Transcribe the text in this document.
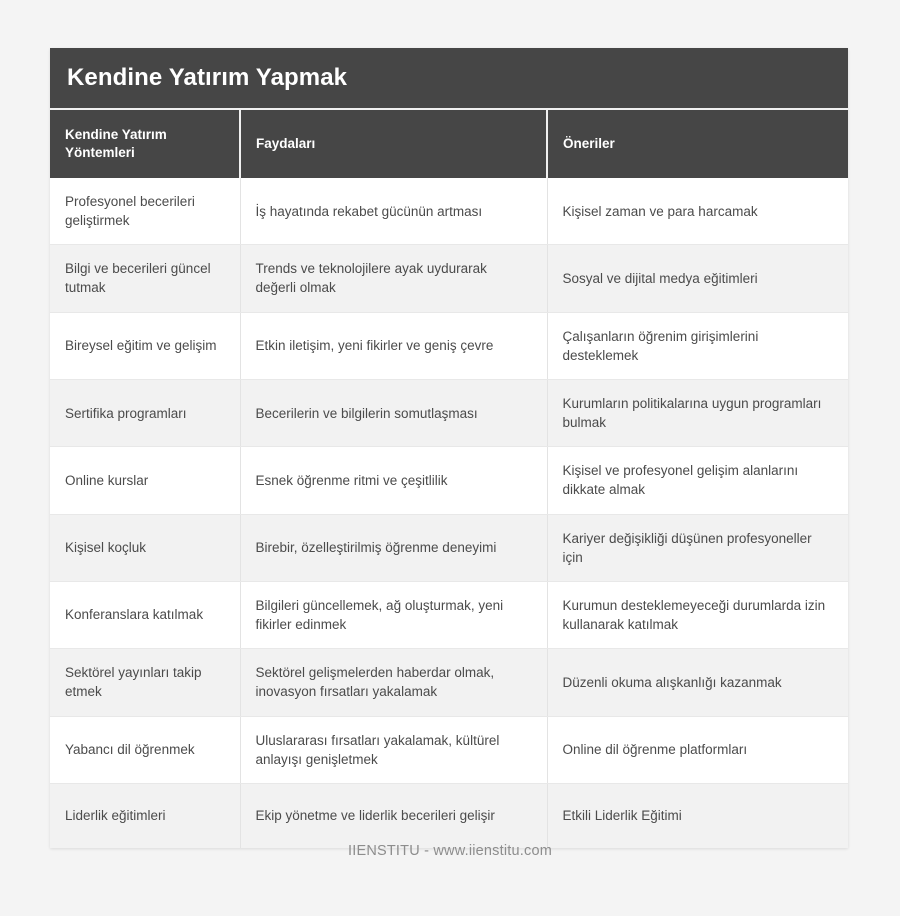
Kendine Yatırım Yapmak
Kendine Yatırım Yöntemleri	Faydaları	Öneriler
Profesyonel becerileri geliştirmek	İş hayatında rekabet gücünün artması	Kişisel zaman ve para harcamak
Bilgi ve becerileri güncel tutmak	Trends ve teknolojilere ayak uydurarak değerli olmak	Sosyal ve dijital medya eğitimleri
Bireysel eğitim ve gelişim	Etkin iletişim, yeni fikirler ve geniş çevre	Çalışanların öğrenim girişimlerini desteklemek
Sertifika programları	Becerilerin ve bilgilerin somutlaşması	Kurumların politikalarına uygun programları bulmak
Online kurslar	Esnek öğrenme ritmi ve çeşitlilik	Kişisel ve profesyonel gelişim alanlarını dikkate almak
Kişisel koçluk	Birebir, özelleştirilmiş öğrenme deneyimi	Kariyer değişikliği düşünen profesyoneller için
Konferanslara katılmak	Bilgileri güncellemek, ağ oluşturmak, yeni fikirler edinmek	Kurumun desteklemeyeceği durumlarda izin kullanarak katılmak
Sektörel yayınları takip etmek	Sektörel gelişmelerden haberdar olmak, inovasyon fırsatları yakalamak	Düzenli okuma alışkanlığı kazanmak
Yabancı dil öğrenmek	Uluslararası fırsatları yakalamak, kültürel anlayışı genişletmek	Online dil öğrenme platformları
Liderlik eğitimleri	Ekip yönetme ve liderlik becerileri gelişir	Etkili Liderlik Eğitimi
IIENSTITU - www.iienstitu.com
